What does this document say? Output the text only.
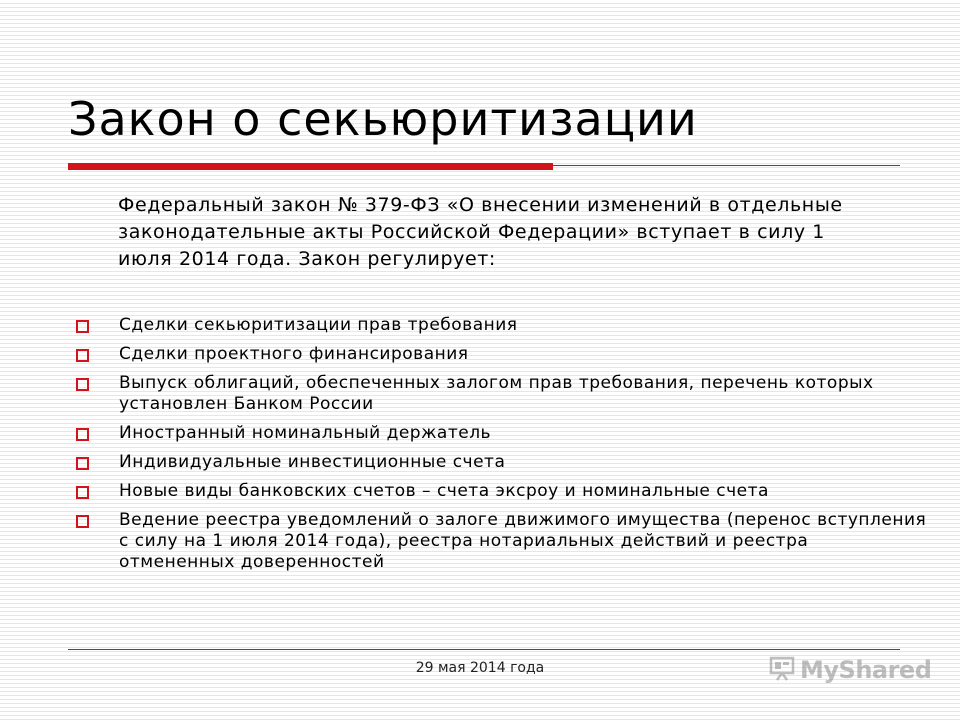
Закон о секьюритизации

Федеральный закон № 379-ФЗ «О внесении изменений в отдельные законодательные акты Российской Федерации» вступает в силу 1 июля 2014 года. Закон регулирует:

Сделки секьюритизации прав требования
Сделки проектного финансирования
Выпуск облигаций, обеспеченных залогом прав требования, перечень которых установлен Банком России
Иностранный номинальный держатель
Индивидуальные инвестиционные счета
Новые виды банковских счетов – счета эксроу и номинальные счета
Ведение реестра уведомлений о залоге движимого имущества (перенос вступления с силу на 1 июля 2014 года), реестра нотариальных действий и реестра отмененных доверенностей
29 мая 2014 года	MyShared
